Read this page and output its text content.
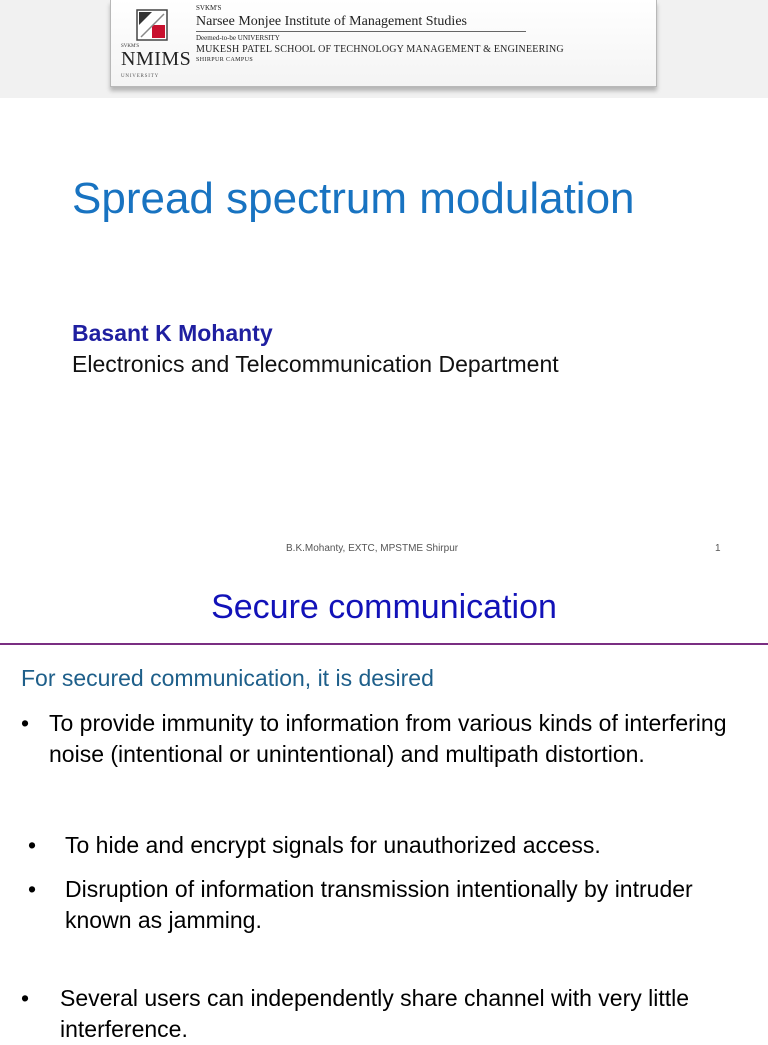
SVKM'S
NMIMS
UNIVERSITY
SVKM'S
Narsee Monjee Institute of Management Studies
Deemed-to-be UNIVERSITY
MUKESH PATEL SCHOOL OF TECHNOLOGY MANAGEMENT & ENGINEERING
SHIRPUR CAMPUS
Spread spectrum modulation
Basant K Mohanty
Electronics and Telecommunication Department
B.K.Mohanty, EXTC, MPSTME Shirpur	1
Secure communication
For secured communication, it is desired
• To provide immunity to information from various kinds of interfering noise (intentional or unintentional) and multipath distortion.
• To hide and encrypt signals for unauthorized access.
• Disruption of information transmission intentionally by intruder known as jamming.
• Several users can independently share channel with very little interference.
